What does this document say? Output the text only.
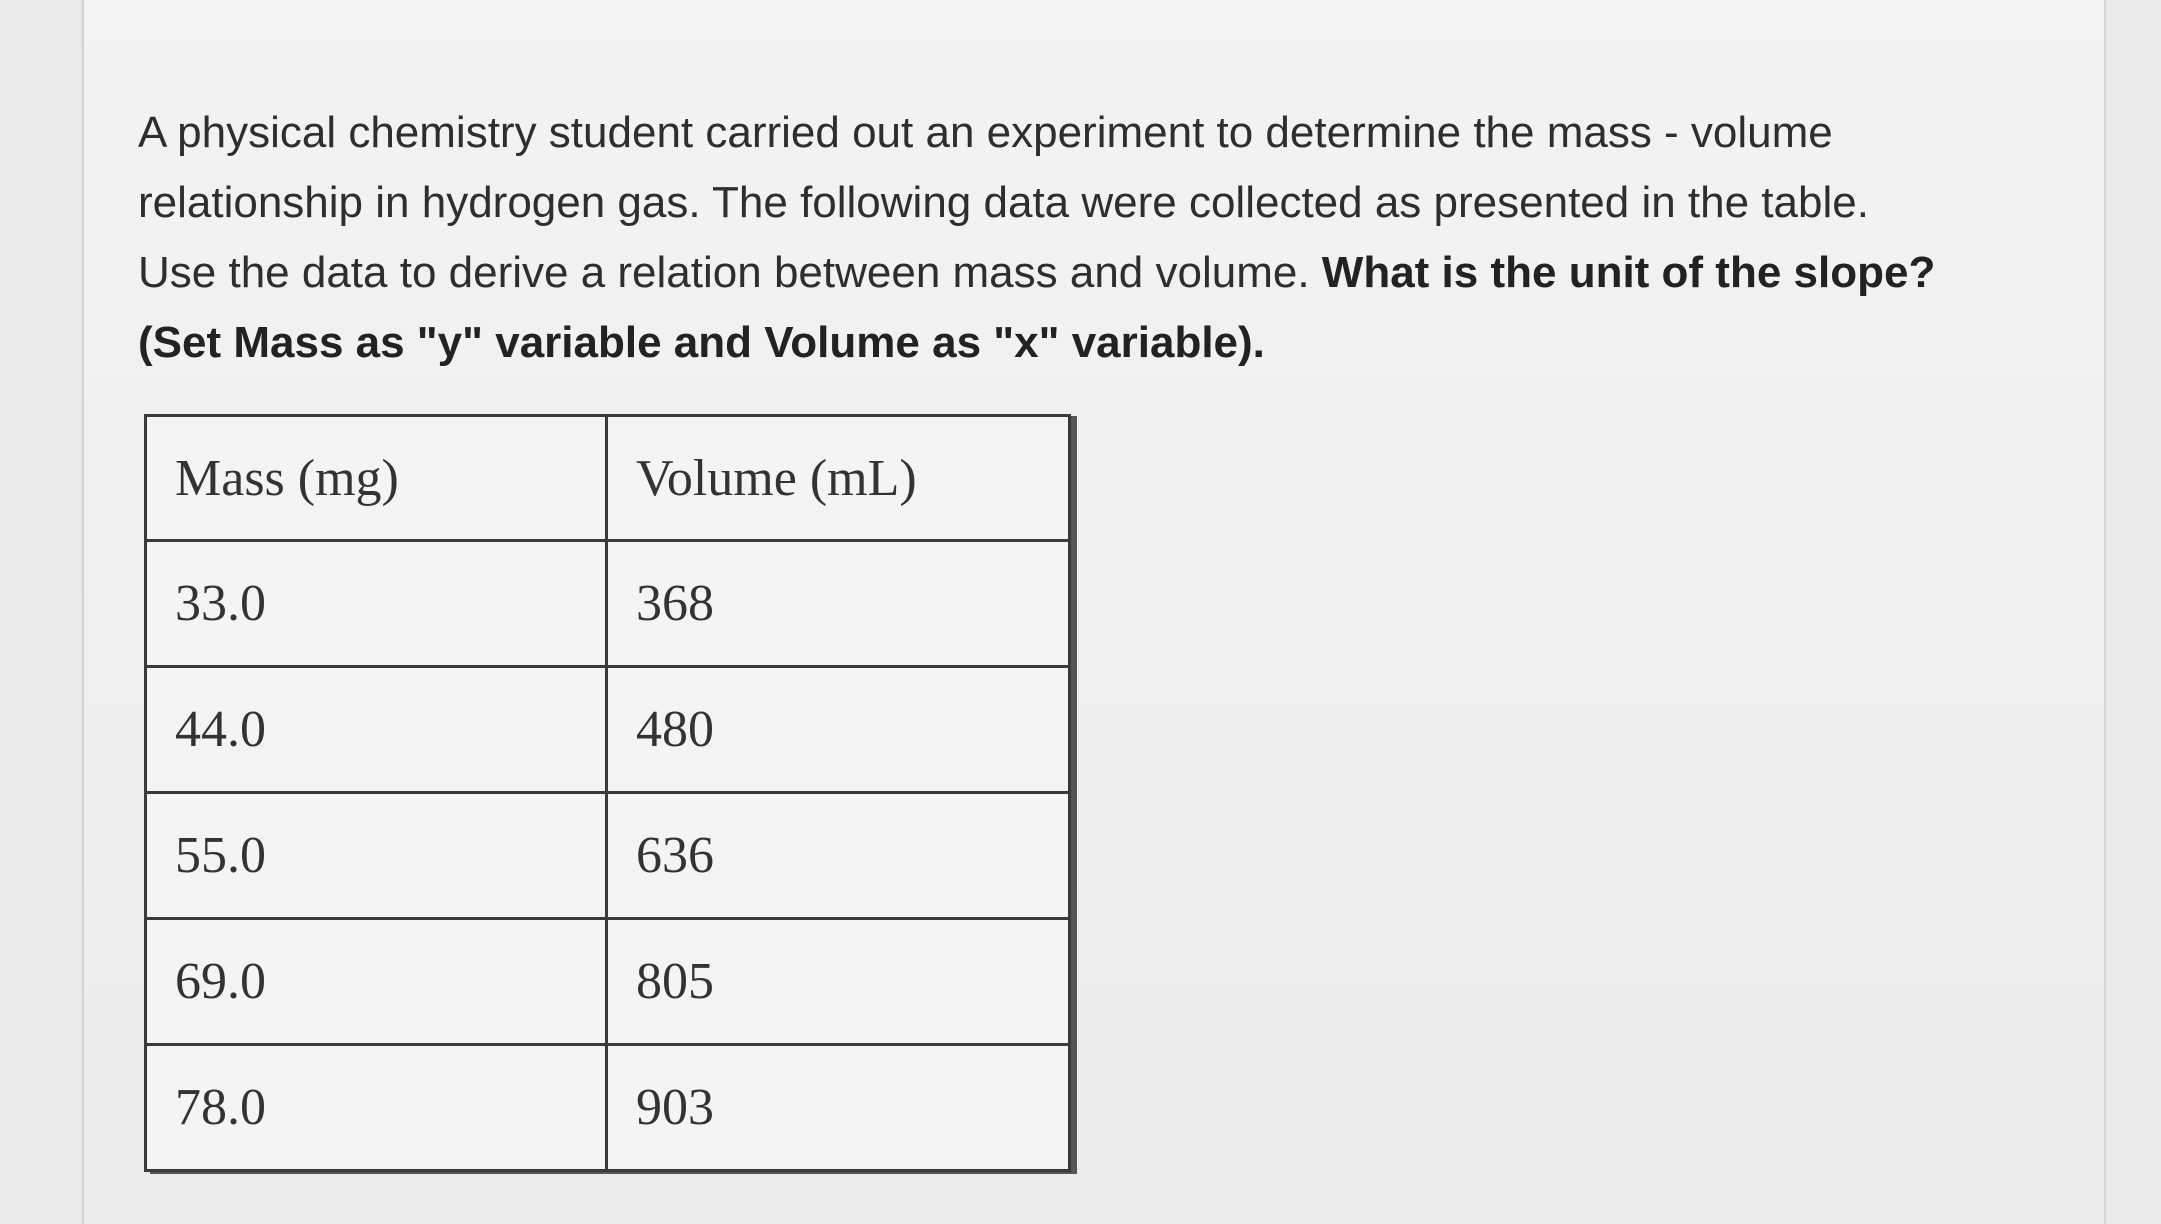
A physical chemistry student carried out an experiment to determine the mass - volume
relationship in hydrogen gas. The following data were collected as presented in the table.
Use the data to derive a relation between mass and volume. What is the unit of the slope?
(Set Mass as "y" variable and Volume as "x" variable).
Mass (mg)	Volume (mL)
33.0	368
44.0	480
55.0	636
69.0	805
78.0	903
